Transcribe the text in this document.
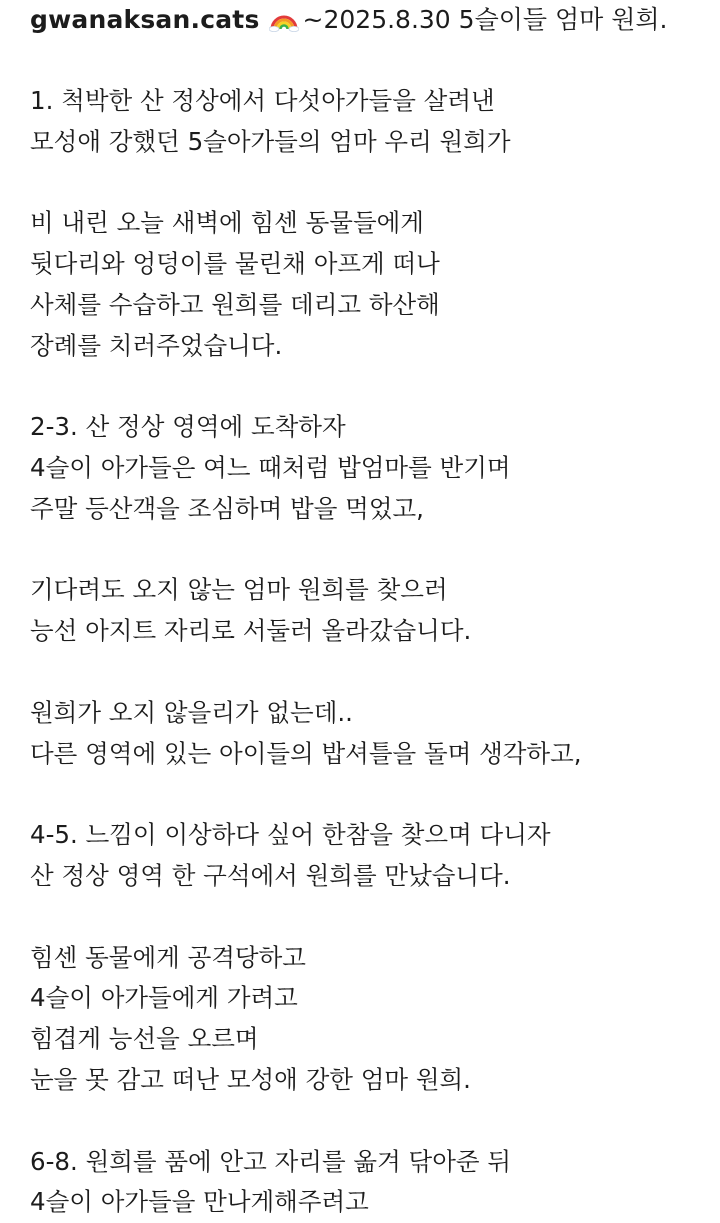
gwanaksan.cats ~2025.8.30 5슬이들 엄마 원희.
1. 척박한 산 정상에서 다섯아가들을 살려낸
모성애 강했던 5슬아가들의 엄마 우리 원희가
비 내린 오늘 새벽에 힘센 동물들에게
뒷다리와 엉덩이를 물린채 아프게 떠나
사체를 수습하고 원희를 데리고 하산해
장례를 치러주었습니다.
2-3. 산 정상 영역에 도착하자
4슬이 아가들은 여느 때처럼 밥엄마를 반기며
주말 등산객을 조심하며 밥을 먹었고,
기다려도 오지 않는 엄마 원희를 찾으러
능선 아지트 자리로 서둘러 올라갔습니다.
원희가 오지 않을리가 없는데..
다른 영역에 있는 아이들의 밥셔틀을 돌며 생각하고,
4-5. 느낌이 이상하다 싶어 한참을 찾으며 다니자
산 정상 영역 한 구석에서 원희를 만났습니다.
힘센 동물에게 공격당하고
4슬이 아가들에게 가려고
힘겹게 능선을 오르며
눈을 못 감고 떠난 모성애 강한 엄마 원희.
6-8. 원희를 품에 안고 자리를 옮겨 닦아준 뒤
4슬이 아가들을 만나게해주려고
